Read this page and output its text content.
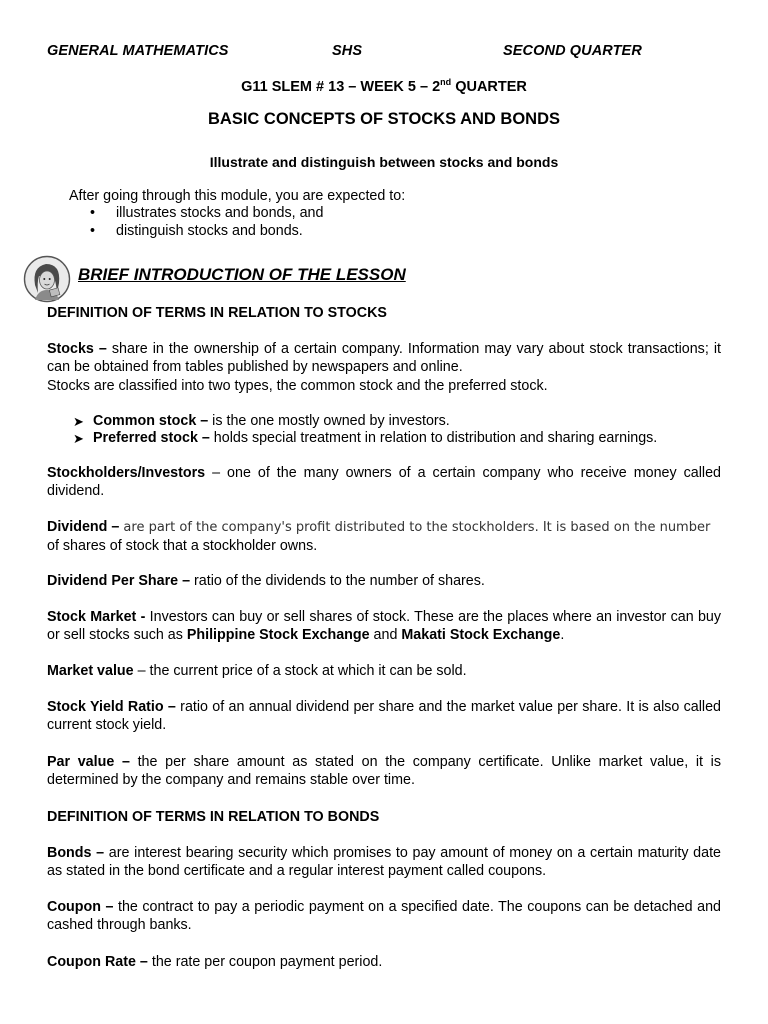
GENERAL MATHEMATICS	SHS	SECOND QUARTER
G11 SLEM # 13 – WEEK 5 – 2nd QUARTER
BASIC CONCEPTS OF STOCKS AND BONDS
Illustrate and distinguish between stocks and bonds
After going through this module, you are expected to:
• illustrates stocks and bonds, and
• distinguish stocks and bonds.
BRIEF INTRODUCTION OF THE LESSON
DEFINITION OF TERMS IN RELATION TO STOCKS
Stocks – share in the ownership of a certain company. Information may vary about stock transactions; it can be obtained from tables published by newspapers and online.
Stocks are classified into two types, the common stock and the preferred stock.
➤ Common stock – is the one mostly owned by investors.
➤ Preferred stock – holds special treatment in relation to distribution and sharing earnings.
Stockholders/Investors – one of the many owners of a certain company who receive money called dividend.
Dividend – are part of the company's profit distributed to the stockholders. It is based on the number
of shares of stock that a stockholder owns.
Dividend Per Share – ratio of the dividends to the number of shares.
Stock Market - Investors can buy or sell shares of stock. These are the places where an investor can buy or sell stocks such as Philippine Stock Exchange and Makati Stock Exchange.
Market value – the current price of a stock at which it can be sold.
Stock Yield Ratio – ratio of an annual dividend per share and the market value per share. It is also called current stock yield.
Par value – the per share amount as stated on the company certificate. Unlike market value, it is determined by the company and remains stable over time.
DEFINITION OF TERMS IN RELATION TO BONDS
Bonds – are interest bearing security which promises to pay amount of money on a certain maturity date as stated in the bond certificate and a regular interest payment called coupons.
Coupon – the contract to pay a periodic payment on a specified date. The coupons can be detached and cashed through banks.
Coupon Rate – the rate per coupon payment period.
